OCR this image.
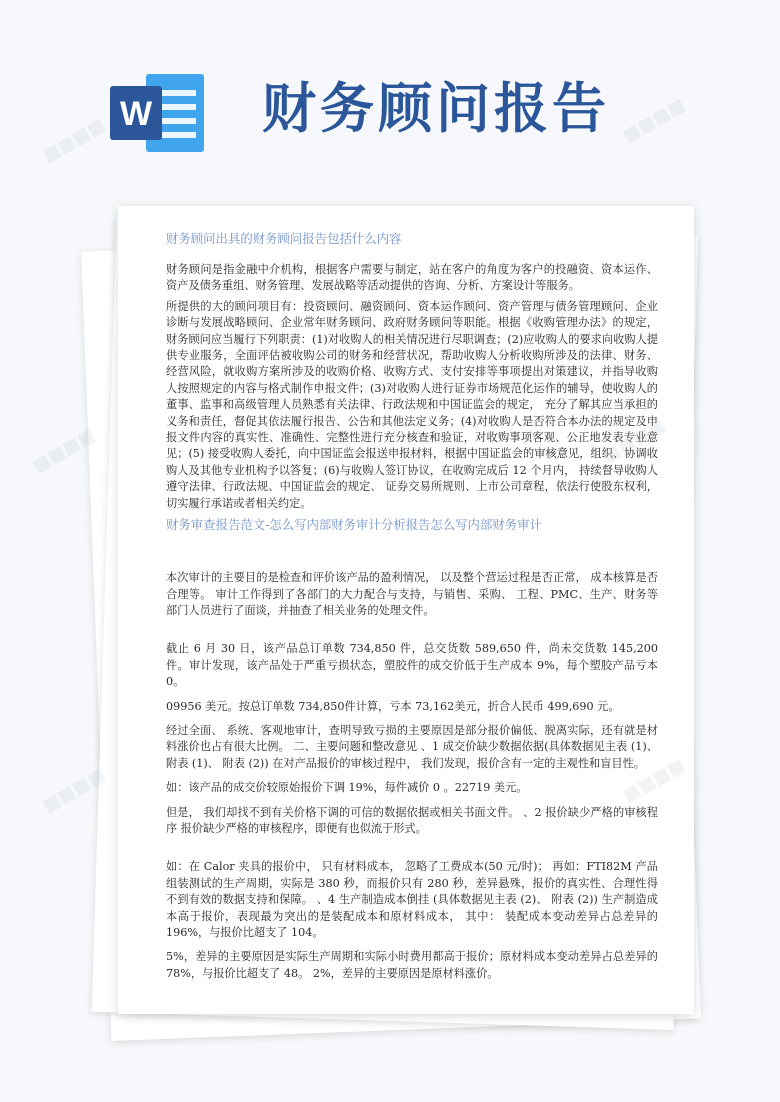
W 财务顾问报告
财务顾问出具的财务顾问报告包括什么内容
财务顾问是指金融中介机构，根据客户需要与制定，站在客户的角度为客户的投融资、资本运作、资产及债务重组、财务管理、发展战略等活动提供的咨询、分析、方案设计等服务。
所提供的大的顾问项目有：投资顾问、融资顾问、资本运作顾问、资产管理与债务管理顾问、企业诊断与发展战略顾问、企业常年财务顾问、政府财务顾问等职能。根据《收购管理办法》的规定，财务顾问应当履行下列职责：(1)对收购人的相关情况进行尽职调查；(2)应收购人的要求向收购人提供专业服务，全面评估被收购公司的财务和经营状况，帮助收购人分析收购所涉及的法律、财务、经营风险，就收购方案所涉及的收购价格、收购方式、支付安排等事项提出对策建议，并指导收购人按照规定的内容与格式制作申报文件；(3)对收购人进行证券市场规范化运作的辅导，使收购人的董事、监事和高级管理人员熟悉有关法律、行政法规和中国证监会的规定， 充分了解其应当承担的义务和责任，督促其依法履行报告、公告和其他法定义务；(4)对收购人是否符合本办法的规定及申报文件内容的真实性、准确性、完整性进行充分核查和验证，对收购事项客观、公正地发表专业意见；(5) 接受收购人委托，向中国证监会报送申报材料，根据中国证监会的审核意见，组织、协调收购人及其他专业机构予以答复；(6)与收购人签订协议，在收购完成后 12 个月内， 持续督导收购人遵守法律、行政法规、中国证监会的规定、 证券交易所规则、上市公司章程，依法行使股东权利，切实履行承诺或者相关约定。
财务审查报告范文-怎么写内部财务审计分析报告怎么写内部财务审计
本次审计的主要目的是检查和评价该产品的盈利情况， 以及整个营运过程是否正常， 成本核算是否合理等。 审计工作得到了各部门的大力配合与支持，与销售、采购、 工程、PMC、生产、财务等部门人员进行了面谈，并抽查了相关业务的处理文件。
截止 6 月 30 日，该产品总订单数 734,850 件，总交货数 589,650 件，尚未交货数 145,200 件。审计发现，该产品处于严重亏损状态，塑胶件的成交价低于生产成本 9%，每个塑胶产品亏本 0。
09956 美元。按总订单数 734,850件计算，亏本 73,162美元，折合人民币 499,690 元。
经过全面、 系统、客观地审计，查明导致亏损的主要原因是部分报价偏低、脱离实际，还有就是材料涨价也占有很大比例。 二、主要问题和整改意见 、1 成交价缺少数据依据(具体数据见主表 (1)、 附表 (1)、 附表 (2)) 在对产品报价的审核过程中， 我们发现，报价含有一定的主观性和盲目性。
如：该产品的成交价较原始报价下调 19%，每件减价 0 。22719 美元。
但是， 我们却找不到有关价格下调的可信的数据依据或相关书面文件。 、2 报价缺少严格的审核程序 报价缺少严格的审核程序，即便有也似流于形式。
如：在 Calor 夹具的报价中， 只有材料成本， 忽略了工费成本(50 元/时)； 再如：FTI82M 产品组装测试的生产周期，实际是 380 秒，而报价只有 280 秒，差异悬殊，报价的真实性、合理性得不到有效的数据支持和保障。 、4 生产制造成本倒挂 (具体数据见主表 (2)、 附表 (2)) 生产制造成本高于报价，表现最为突出的是装配成本和原材料成本， 其中： 装配成本变动差异占总差异的 196%，与报价比超支了 104。
5%，差异的主要原因是实际生产周期和实际小时费用都高于报价；原材料成本变动差异占总差异的 78%，与报价比超支了 48。 2%，差异的主要原因是原材料涨价。
■■■■	■■■■
■■■■
■■■■
